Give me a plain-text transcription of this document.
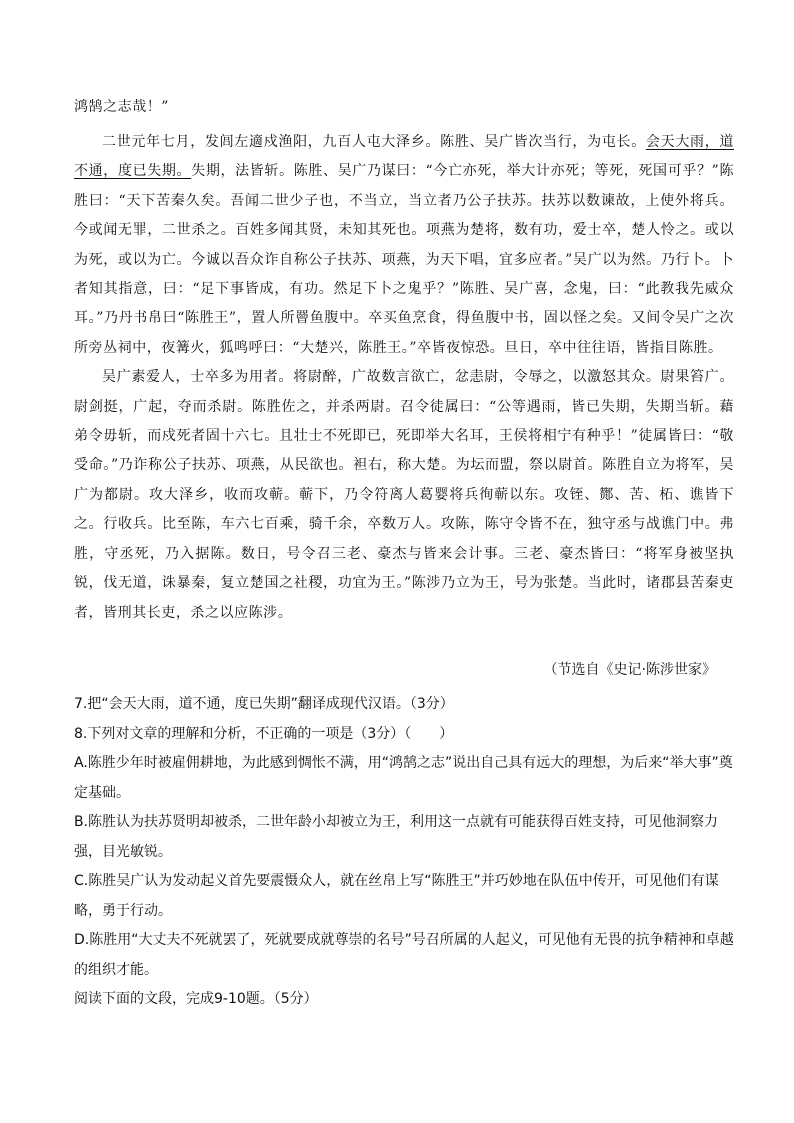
鸿鹄之志哉！”

二世元年七月，发闾左適戍渔阳，九百人屯大泽乡。陈胜、吴广皆次当行，为屯长。会天大雨，道不通，度已失期。失期，法皆斩。陈胜、吴广乃谋曰：“今亡亦死，举大计亦死；等死，死国可乎？”陈胜曰：“天下苦秦久矣。吾闻二世少子也，不当立，当立者乃公子扶苏。扶苏以数谏故，上使外将兵。今或闻无罪，二世杀之。百姓多闻其贤，未知其死也。项燕为楚将，数有功，爱士卒，楚人怜之。或以为死，或以为亡。今诚以吾众诈自称公子扶苏、项燕，为天下唱，宜多应者。”吴广以为然。乃行卜。卜者知其指意，曰：“足下事皆成，有功。然足下卜之鬼乎？”陈胜、吴广喜，念鬼，曰：“此教我先威众耳。”乃丹书帛曰“陈胜王”，置人所罾鱼腹中。卒买鱼烹食，得鱼腹中书，固以怪之矣。又间令吴广之次所旁丛祠中，夜篝火，狐鸣呼曰：“大楚兴，陈胜王。”卒皆夜惊恐。旦日，卒中往往语，皆指目陈胜。

吴广素爱人，士卒多为用者。将尉醉，广故数言欲亡，忿恚尉，令辱之，以激怒其众。尉果笞广。尉剑挺，广起，夺而杀尉。陈胜佐之，并杀两尉。召令徒属曰：“公等遇雨，皆已失期，失期当斩。藉弟令毋斩，而戍死者固十六七。且壮士不死即已，死即举大名耳，王侯将相宁有种乎！”徒属皆曰：“敬受命。”乃诈称公子扶苏、项燕，从民欲也。袒右，称大楚。为坛而盟，祭以尉首。陈胜自立为将军，吴广为都尉。攻大泽乡，收而攻蕲。蕲下，乃令符离人葛婴将兵徇蕲以东。攻铚、酂、苦、柘、谯皆下之。行收兵。比至陈，车六七百乘，骑千余，卒数万人。攻陈，陈守令皆不在，独守丞与战谯门中。弗胜，守丞死，乃入据陈。数日，号令召三老、豪杰与皆来会计事。三老、豪杰皆曰：“将军身被坚执锐，伐无道，诛暴秦，复立楚国之社稷，功宜为王。”陈涉乃立为王，号为张楚。当此时，诸郡县苦秦吏者，皆刑其长吏，杀之以应陈涉。

（节选自《史记·陈涉世家》

7.把“会天大雨，道不通，度已失期”翻译成现代汉语。（3分）

8.下列对文章的理解和分析，不正确的一项是（3分）（　　）

A.陈胜少年时被雇佣耕地，为此感到惆怅不满，用“鸿鹄之志”说出自己具有远大的理想，为后来“举大事”奠定基础。

B.陈胜认为扶苏贤明却被杀，二世年龄小却被立为王，利用这一点就有可能获得百姓支持，可见他洞察力强，目光敏锐。

C.陈胜吴广认为发动起义首先要震慑众人，就在丝帛上写“陈胜王”并巧妙地在队伍中传开，可见他们有谋略，勇于行动。

D.陈胜用“大丈夫不死就罢了，死就要成就尊崇的名号”号召所属的人起义，可见他有无畏的抗争精神和卓越的组织才能。

阅读下面的文段，完成9-10题。（5分）
